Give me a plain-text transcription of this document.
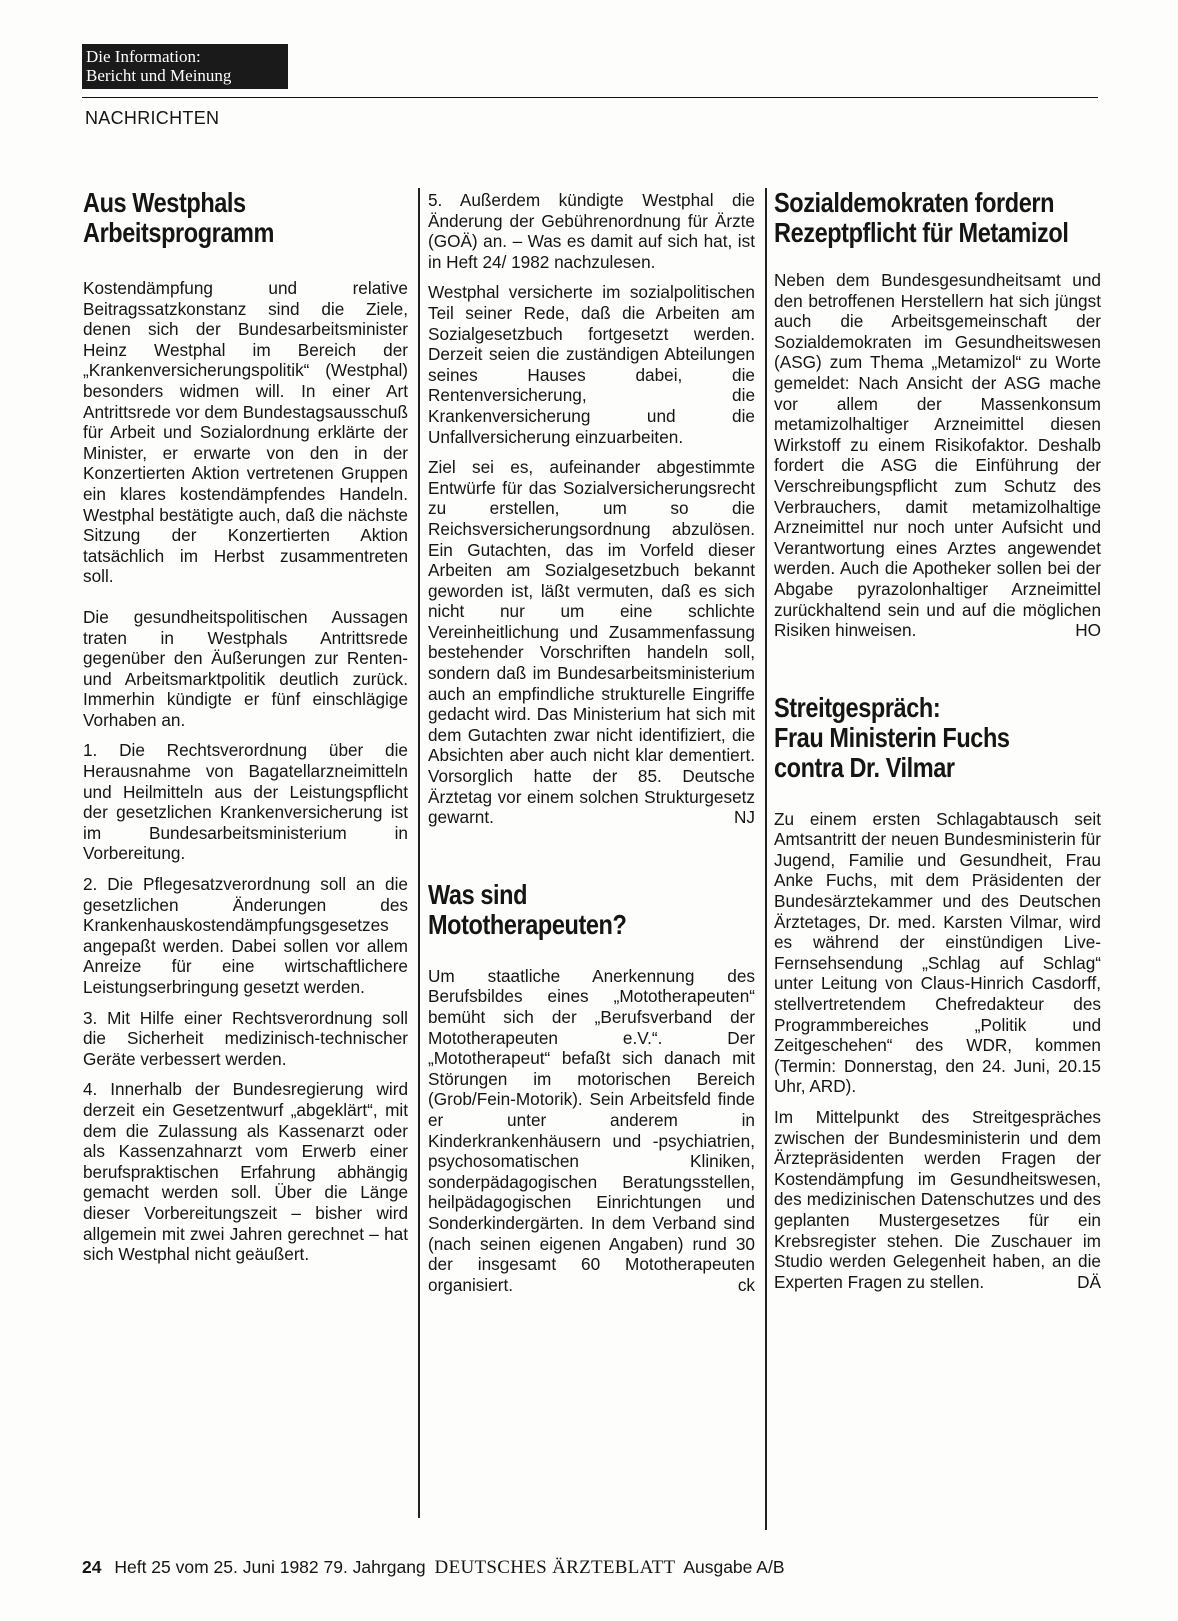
Die Information:
Bericht und Meinung
NACHRICHTEN
Aus Westphals
Arbeitsprogramm

Kostendämpfung und relative Beitragssatzkonstanz sind die Ziele, denen sich der Bundesarbeitsminister Heinz Westphal im Bereich der „Krankenversicherungspolitik“ (Westphal) besonders widmen will. In einer Art Antrittsrede vor dem Bundestagsausschuß für Arbeit und Sozialordnung erklärte der Minister, er erwarte von den in der Konzertierten Aktion vertretenen Gruppen ein klares kostendämpfendes Handeln. Westphal bestätigte auch, daß die nächste Sitzung der Konzertierten Aktion tatsächlich im Herbst zusammentreten soll.

Die gesundheitspolitischen Aussagen traten in Westphals Antrittsrede gegenüber den Äußerungen zur Renten- und Arbeitsmarktpolitik deutlich zurück. Immerhin kündigte er fünf einschlägige Vorhaben an.

1. Die Rechtsverordnung über die Herausnahme von Bagatellarzneimitteln und Heilmitteln aus der Leistungspflicht der gesetzlichen Krankenversicherung ist im Bundesarbeitsministerium in Vorbereitung.

2. Die Pflegesatzverordnung soll an die gesetzlichen Änderungen des Krankenhauskostendämpfungsgesetzes angepaßt werden. Dabei sollen vor allem Anreize für eine wirtschaftlichere Leistungserbringung gesetzt werden.

3. Mit Hilfe einer Rechtsverordnung soll die Sicherheit medizinisch-technischer Geräte verbessert werden.

4. Innerhalb der Bundesregierung wird derzeit ein Gesetzentwurf „abgeklärt“, mit dem die Zulassung als Kassenarzt oder als Kassenzahnarzt vom Erwerb einer berufspraktischen Erfahrung abhängig gemacht werden soll. Über die Länge dieser Vorbereitungszeit – bisher wird allgemein mit zwei Jahren gerechnet – hat sich Westphal nicht geäußert.

5. Außerdem kündigte Westphal die Änderung der Gebührenordnung für Ärzte (GOÄ) an. – Was es damit auf sich hat, ist in Heft 24/ 1982 nachzulesen.

Westphal versicherte im sozialpolitischen Teil seiner Rede, daß die Arbeiten am Sozialgesetzbuch fortgesetzt werden. Derzeit seien die zuständigen Abteilungen seines Hauses dabei, die Rentenversicherung, die Krankenversicherung und die Unfallversicherung einzuarbeiten.

Ziel sei es, aufeinander abgestimmte Entwürfe für das Sozialversicherungsrecht zu erstellen, um so die Reichsversicherungsordnung abzulösen. Ein Gutachten, das im Vorfeld dieser Arbeiten am Sozialgesetzbuch bekannt geworden ist, läßt vermuten, daß es sich nicht nur um eine schlichte Vereinheitlichung und Zusammenfassung bestehender Vorschriften handeln soll, sondern daß im Bundesarbeitsministerium auch an empfindliche strukturelle Eingriffe gedacht wird. Das Ministerium hat sich mit dem Gutachten zwar nicht identifiziert, die Absichten aber auch nicht klar dementiert. Vorsorglich hatte der 85. Deutsche Ärztetag vor einem solchen Strukturgesetz gewarnt.	NJ

Was sind
Mototherapeuten?

Um staatliche Anerkennung des Berufsbildes eines „Mototherapeuten“ bemüht sich der „Berufsverband der Mototherapeuten e.V.“. Der „Mototherapeut“ befaßt sich danach mit Störungen im motorischen Bereich (Grob/Fein-Motorik). Sein Arbeitsfeld finde er unter anderem in Kinderkrankenhäusern und -psychiatrien, psychosomatischen Kliniken, sonderpädagogischen Beratungsstellen, heilpädagogischen Einrichtungen und Sonderkindergärten. In dem Verband sind (nach seinen eigenen Angaben) rund 30 der insgesamt 60 Mototherapeuten organisiert.	ck

Sozialdemokraten fordern
Rezeptpflicht für Metamizol

Neben dem Bundesgesundheitsamt und den betroffenen Herstellern hat sich jüngst auch die Arbeitsgemeinschaft der Sozialdemokraten im Gesundheitswesen (ASG) zum Thema „Metamizol“ zu Worte gemeldet: Nach Ansicht der ASG mache vor allem der Massenkonsum metamizolhaltiger Arzneimittel diesen Wirkstoff zu einem Risikofaktor. Deshalb fordert die ASG die Einführung der Verschreibungspflicht zum Schutz des Verbrauchers, damit metamizolhaltige Arzneimittel nur noch unter Aufsicht und Verantwortung eines Arztes angewendet werden. Auch die Apotheker sollen bei der Abgabe pyrazolonhaltiger Arzneimittel zurückhaltend sein und auf die möglichen Risiken hinweisen.	HO

Streitgespräch:
Frau Ministerin Fuchs
contra Dr. Vilmar

Zu einem ersten Schlagabtausch seit Amtsantritt der neuen Bundesministerin für Jugend, Familie und Gesundheit, Frau Anke Fuchs, mit dem Präsidenten der Bundesärztekammer und des Deutschen Ärztetages, Dr. med. Karsten Vilmar, wird es während der einstündigen Live-Fernsehsendung „Schlag auf Schlag“ unter Leitung von Claus-Hinrich Casdorff, stellvertretendem Chefredakteur des Programmbereiches „Politik und Zeitgeschehen“ des WDR, kommen (Termin: Donnerstag, den 24. Juni, 20.15 Uhr, ARD).

Im Mittelpunkt des Streitgespräches zwischen der Bundesministerin und dem Ärztepräsidenten werden Fragen der Kostendämpfung im Gesundheitswesen, des medizinischen Datenschutzes und des geplanten Mustergesetzes für ein Krebsregister stehen. Die Zuschauer im Studio werden Gelegenheit haben, an die Experten Fragen zu stellen.	DÄ

24 Heft 25 vom 25. Juni 1982 79. Jahrgang DEUTSCHES ÄRZTEBLATT Ausgabe A/B
